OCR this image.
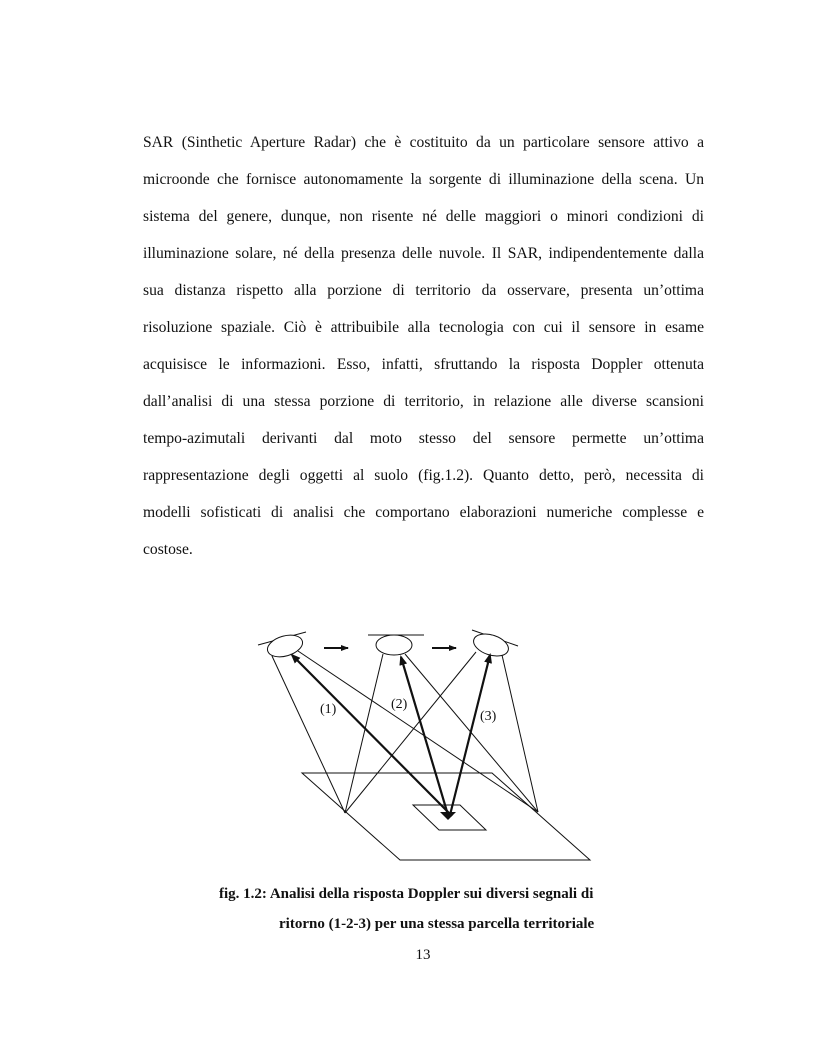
SAR (Sinthetic Aperture Radar) che è costituito da un particolare sensore attivo a
microonde che fornisce autonomamente la sorgente di illuminazione della scena. Un
sistema del genere, dunque, non risente né delle maggiori o minori condizioni di
illuminazione solare, né della presenza delle nuvole. Il SAR, indipendentemente dalla
sua distanza rispetto alla porzione di territorio da osservare, presenta un’ottima
risoluzione spaziale. Ciò è attribuibile alla tecnologia con cui il sensore in esame
acquisisce le informazioni. Esso, infatti, sfruttando la risposta Doppler ottenuta
dall’analisi di una stessa porzione di territorio, in relazione alle diverse scansioni
tempo-azimutali derivanti dal moto stesso del sensore permette un’ottima
rappresentazione degli oggetti al suolo (fig.1.2). Quanto detto, però, necessita di
modelli sofisticati di analisi che comportano elaborazioni numeriche complesse e
costose.
(1)	(2)
(3)
fig. 1.2: Analisi della risposta Doppler sui diversi segnali di
ritorno (1-2-3) per una stessa parcella territoriale
13
